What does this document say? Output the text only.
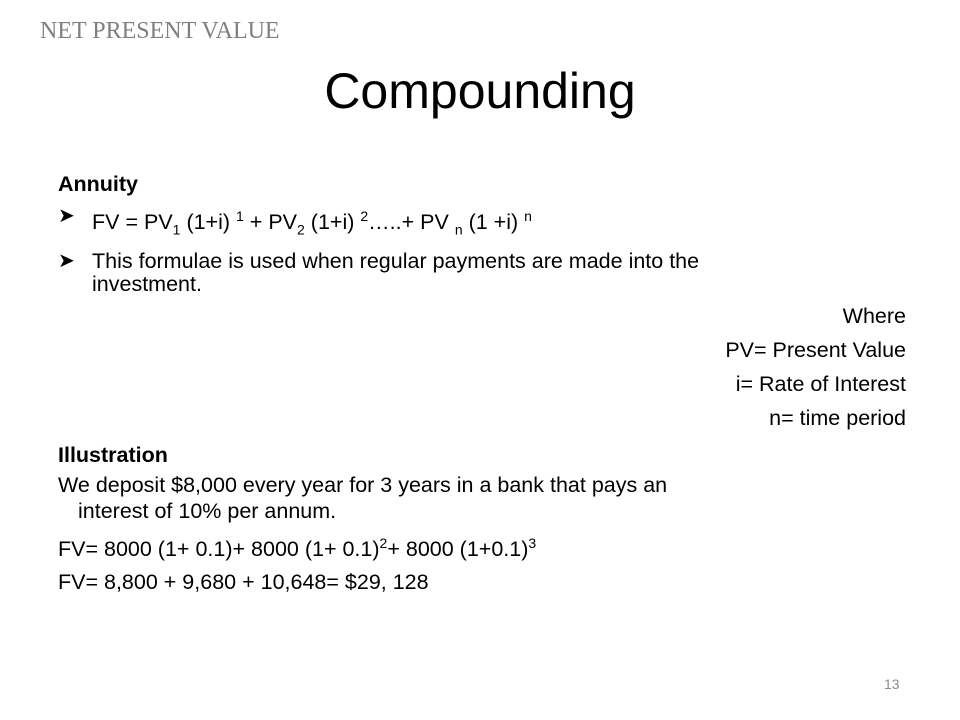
NET PRESENT VALUE
Compounding
Annuity
➤ FV = $PV_1$ (1+i) $^1 + PV_2$ (1+i) $^2$…..+ PV $_n$ (1 +i) $^n$
➤ This formulae is used when regular payments are made into the
investment.
Where
PV= Present Value
i= Rate of Interest
n= time period
Illustration
We deposit $8,000 every year for 3 years in a bank that pays an
interest of 10% per annum.
FV= 8000 (1+ 0.1)+ 8000 $(1+ 0.1)^2+ 8000$ $(1+0.1)^3$
FV= 8,800 + 9,680 + 10,648= $29, 128
13
